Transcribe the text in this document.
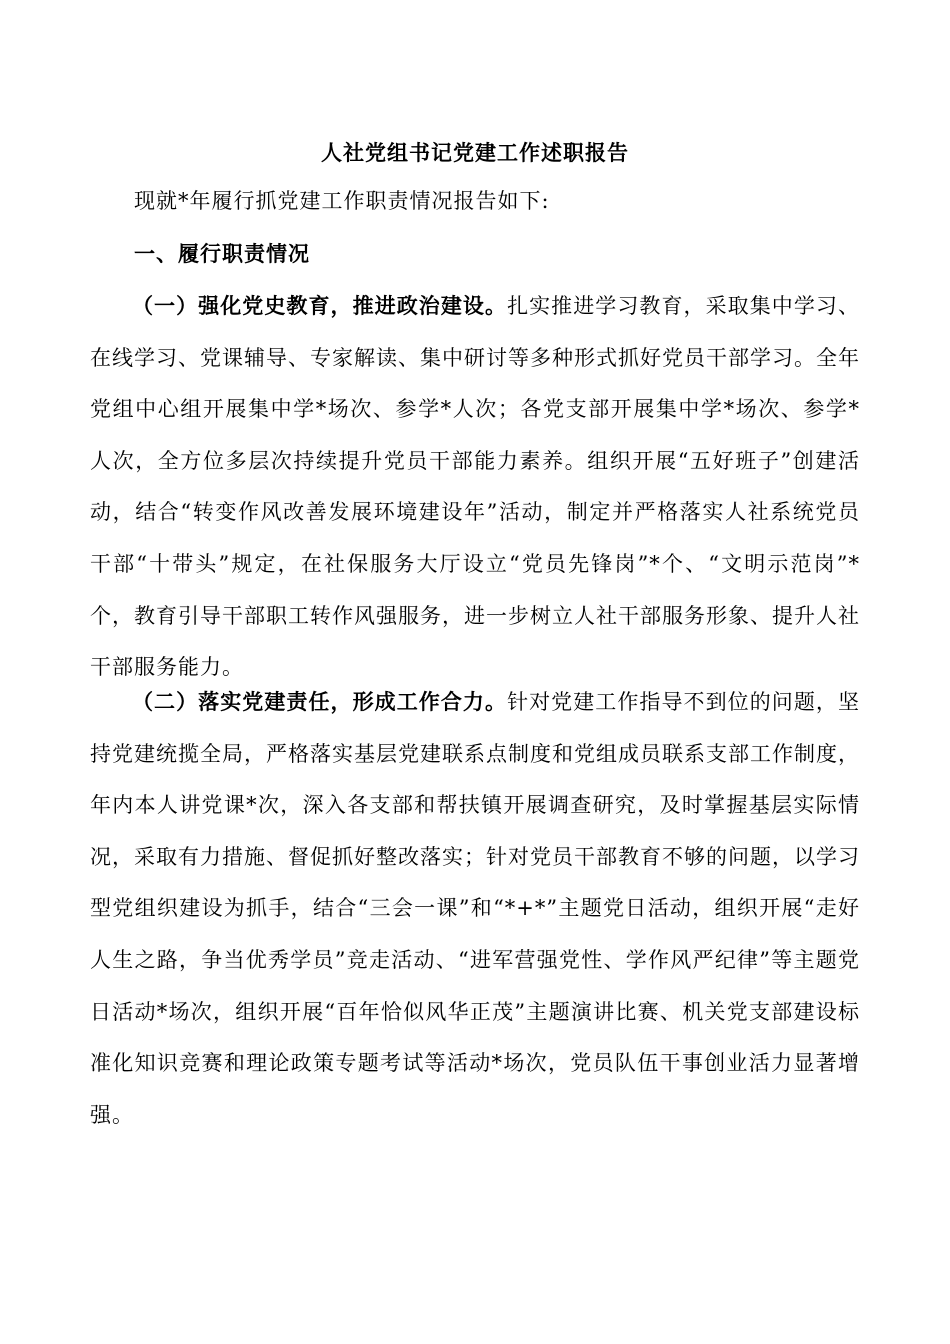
人社党组书记党建工作述职报告
现就*年履行抓党建工作职责情况报告如下:
一、履行职责情况
（一）强化党史教育，推进政治建设。扎实推进学习教育，采取集中学习、在线学习、党课辅导、专家解读、集中研讨等多种形式抓好党员干部学习。全年党组中心组开展集中学*场次、参学*人次；各党支部开展集中学*场次、参学*人次，全方位多层次持续提升党员干部能力素养。组织开展“五好班子”创建活动，结合“转变作风改善发展环境建设年”活动，制定并严格落实人社系统党员干部“十带头”规定，在社保服务大厅设立“党员先锋岗”*个、“文明示范岗”*个，教育引导干部职工转作风强服务，进一步树立人社干部服务形象、提升人社干部服务能力。
（二）落实党建责任，形成工作合力。针对党建工作指导不到位的问题，坚持党建统揽全局，严格落实基层党建联系点制度和党组成员联系支部工作制度，年内本人讲党课*次，深入各支部和帮扶镇开展调查研究，及时掌握基层实际情况，采取有力措施、督促抓好整改落实；针对党员干部教育不够的问题，以学习型党组织建设为抓手，结合“三会一课”和“*+*”主题党日活动，组织开展“走好人生之路，争当优秀学员”竞走活动、“进军营强党性、学作风严纪律”等主题党日活动*场次，组织开展“百年恰似风华正茂”主题演讲比赛、机关党支部建设标准化知识竞赛和理论政策专题考试等活动*场次，党员队伍干事创业活力显著增强。
